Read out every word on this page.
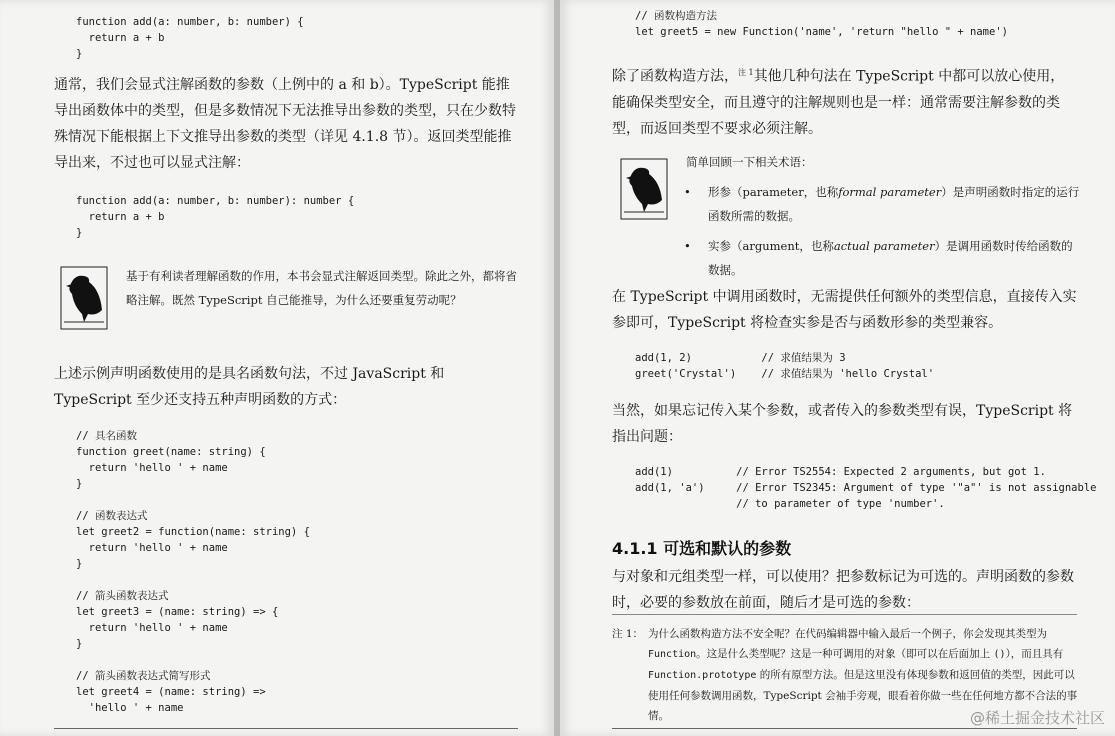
function add(a: number, b: number) {
return a + b
}

通常，我们会显式注解函数的参数（上例中的 a 和 b）。TypeScript 能推导出函数体中的类型，但是多数情况下无法推导出参数的类型，只在少数特殊情况下能根据上下文推导出参数的类型（详见 4.1.8 节）。返回类型能推导出来，不过也可以显式注解：

function add(a: number, b: number): number {
return a + b
}

基于有利读者理解函数的作用，本书会显式注解返回类型。除此之外，都将省略注解。既然 TypeScript 自己能推导，为什么还要重复劳动呢？

上述示例声明函数使用的是具名函数句法，不过 JavaScript 和 TypeScript 至少还支持五种声明函数的方式：

// 具名函数
function greet(name: string) {
return 'hello ' + name
}

// 函数表达式
let greet2 = function(name: string) {
return 'hello ' + name
}

// 箭头函数表达式
let greet3 = (name: string) => {
return 'hello ' + name
}

// 箭头函数表达式简写形式
let greet4 = (name: string) =>
'hello ' + name
// 函数构造方法
let greet5 = new Function('name', 'return "hello " + name')

除了函数构造方法，$^{注 1}$其他几种句法在 TypeScript 中都可以放心使用，能确保类型安全，而且遵守的注解规则也是一样：通常需要注解参数的类型，而返回类型不要求必须注解。

简单回顾一下相关术语：

• 形参（parameter，也称formal parameter）是声明函数时指定的运行函数所需的数据。
• 实参（argument，也称actual parameter）是调用函数时传给函数的数据。

在 TypeScript 中调用函数时，无需提供任何额外的类型信息，直接传入实参即可，TypeScript 将检查实参是否与函数形参的类型兼容。

add(1, 2)           // 求值结果为 3
greet('Crystal')    // 求值结果为 'hello Crystal'

当然，如果忘记传入某个参数，或者传入的参数类型有误，TypeScript 将指出问题：

add(1)          // Error TS2554: Expected 2 arguments, but got 1.
add(1, 'a')     // Error TS2345: Argument of type '"a"' is not assignable
// to parameter of type 'number'.
4.1.1 可选和默认的参数

与对象和元组类型一样，可以使用？把参数标记为可选的。声明函数的参数时，必要的参数放在前面，随后才是可选的参数：

注 1： 为什么函数构造方法不安全呢？在代码编辑器中输入最后一个例子，你会发现其类型为 Function。这是什么类型呢？这是一种可调用的对象（即可以在后面加上 ()），而且具有 Function.prototype 的所有原型方法。但是这里没有体现参数和返回值的类型，因此可以使用任何参数调用函数，TypeScript 会袖手旁观，眼看着你做一些在任何地方都不合法的事情。	@稀土掘金技术社区
